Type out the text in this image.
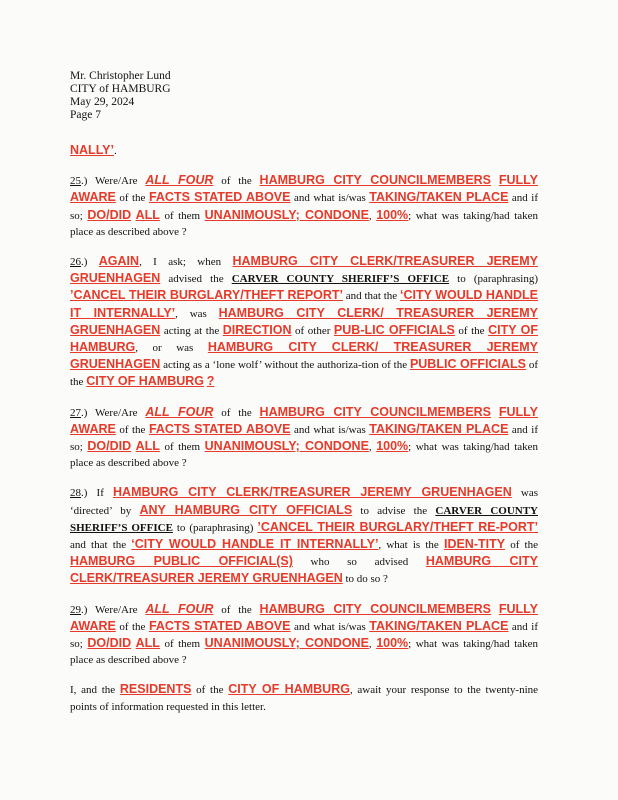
Mr. Christopher Lund
CITY of HAMBURG
May 29, 2024
Page 7

NALLY’.

25.) Were/Are ALL FOUR of the HAMBURG CITY COUNCILMEMBERS FULLY AWARE of the FACTS STATED ABOVE and what is/was TAKING/TAKEN PLACE and if so; DO/DID ALL of them UNANIMOUSLY; CONDONE, 100%; what was taking/had taken place as described above ?

26.) AGAIN, I ask; when HAMBURG CITY CLERK/TREASURER JEREMY GRUENHAGEN advised the CARVER COUNTY SHERIFF’S OFFICE to (paraphrasing) ’CANCEL THEIR BURGLARY/THEFT REPORT’ and that the ‘CITY WOULD HANDLE IT INTERNALLY’, was HAMBURG CITY CLERK/ TREASURER JEREMY GRUENHAGEN acting at the DIRECTION of other PUB-LIC OFFICIALS of the CITY OF HAMBURG, or was HAMBURG CITY CLERK/ TREASURER JEREMY GRUENHAGEN acting as a ‘lone wolf’ without the authoriza-tion of the PUBLIC OFFICIALS of the CITY OF HAMBURG ?

27.) Were/Are ALL FOUR of the HAMBURG CITY COUNCILMEMBERS FULLY AWARE of the FACTS STATED ABOVE and what is/was TAKING/TAKEN PLACE and if so; DO/DID ALL of them UNANIMOUSLY; CONDONE, 100%; what was taking/had taken place as described above ?

28.) If HAMBURG CITY CLERK/TREASURER JEREMY GRUENHAGEN was ‘directed’ by ANY HAMBURG CITY OFFICIALS to advise the CARVER COUNTY SHERIFF’S OFFICE to (paraphrasing) ’CANCEL THEIR BURGLARY/THEFT RE-PORT’ and that the ‘CITY WOULD HANDLE IT INTERNALLY’, what is the IDEN-TITY of the HAMBURG PUBLIC OFFICIAL(S) who so advised HAMBURG CITY CLERK/TREASURER JEREMY GRUENHAGEN to do so ?

29.) Were/Are ALL FOUR of the HAMBURG CITY COUNCILMEMBERS FULLY AWARE of the FACTS STATED ABOVE and what is/was TAKING/TAKEN PLACE and if so; DO/DID ALL of them UNANIMOUSLY; CONDONE, 100%; what was taking/had taken place as described above ?

I, and the RESIDENTS of the CITY OF HAMBURG, await your response to the twenty-nine points of information requested in this letter.
